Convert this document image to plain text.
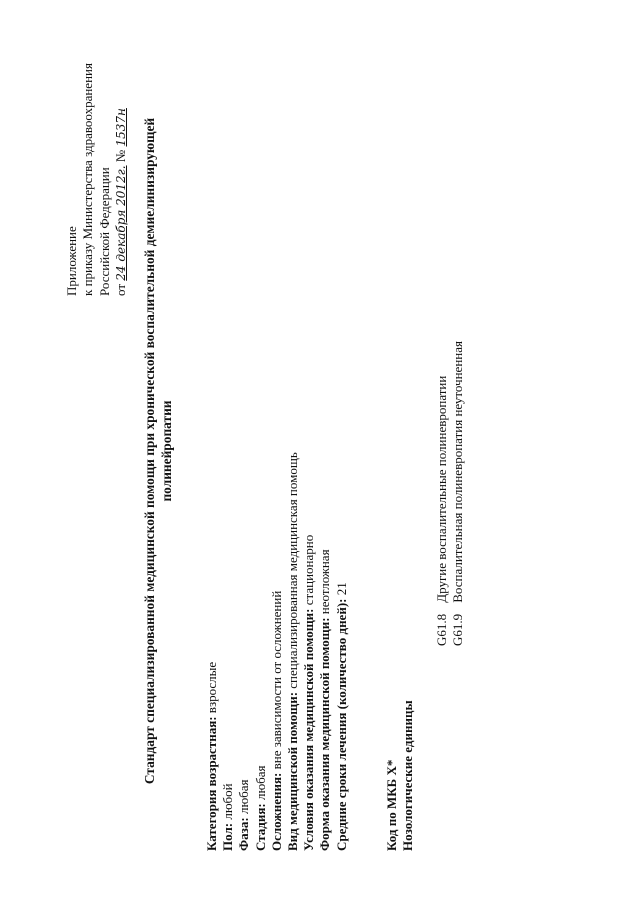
Приложение к приказу Министерства здравоохранения Российской Федерации от 24 декабря 2012г. № 1537н Стандарт специализированной медицинской помощи при хронической воспалительной демиелинизирующей полинейропатии
Категория возрастная: взрослые
Пол: любой
Фаза: любая
Стадия: любая Осложнения: вне зависимости от осложнений Вид медицинской помощи: специализированная медицинская помощь
Условия оказания медицинской помощи: стационарно
Форма оказания медицинской помощи: неотложная
Средние сроки лечения (количество дней): 21
Код по МКБ X* Нозологические единицы
G61.8 Другие воспалительные полиневропатии
G61.9 Воспалительная полиневропатия неуточненная
